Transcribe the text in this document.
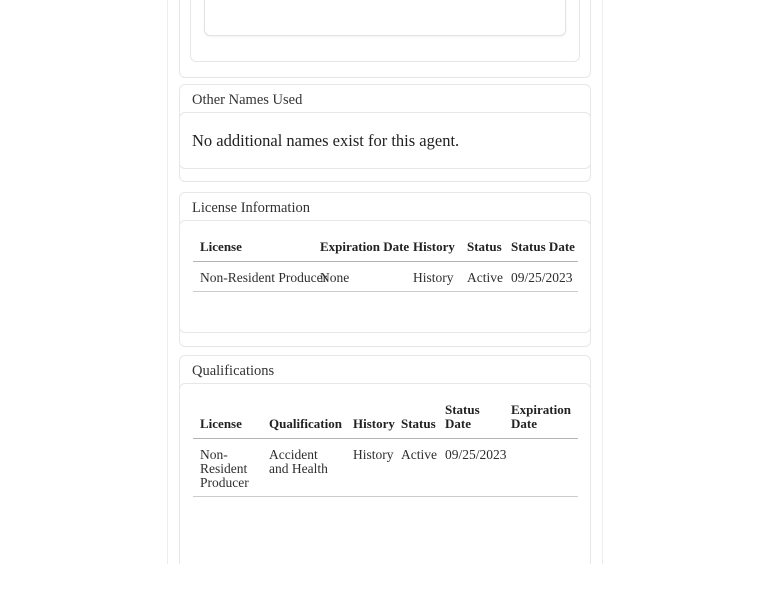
Other Names Used

No additional names exist for this agent.

License Information
License	Expiration Date	History	Status	Status Date
Non-Resident Producer	None	History	Active	09/25/2023
Qualifications
License	Qualification	History	Status	Status Date	Expiration Date
Non-Resident Producer	Accident and Health	History	Active	09/25/2023	
